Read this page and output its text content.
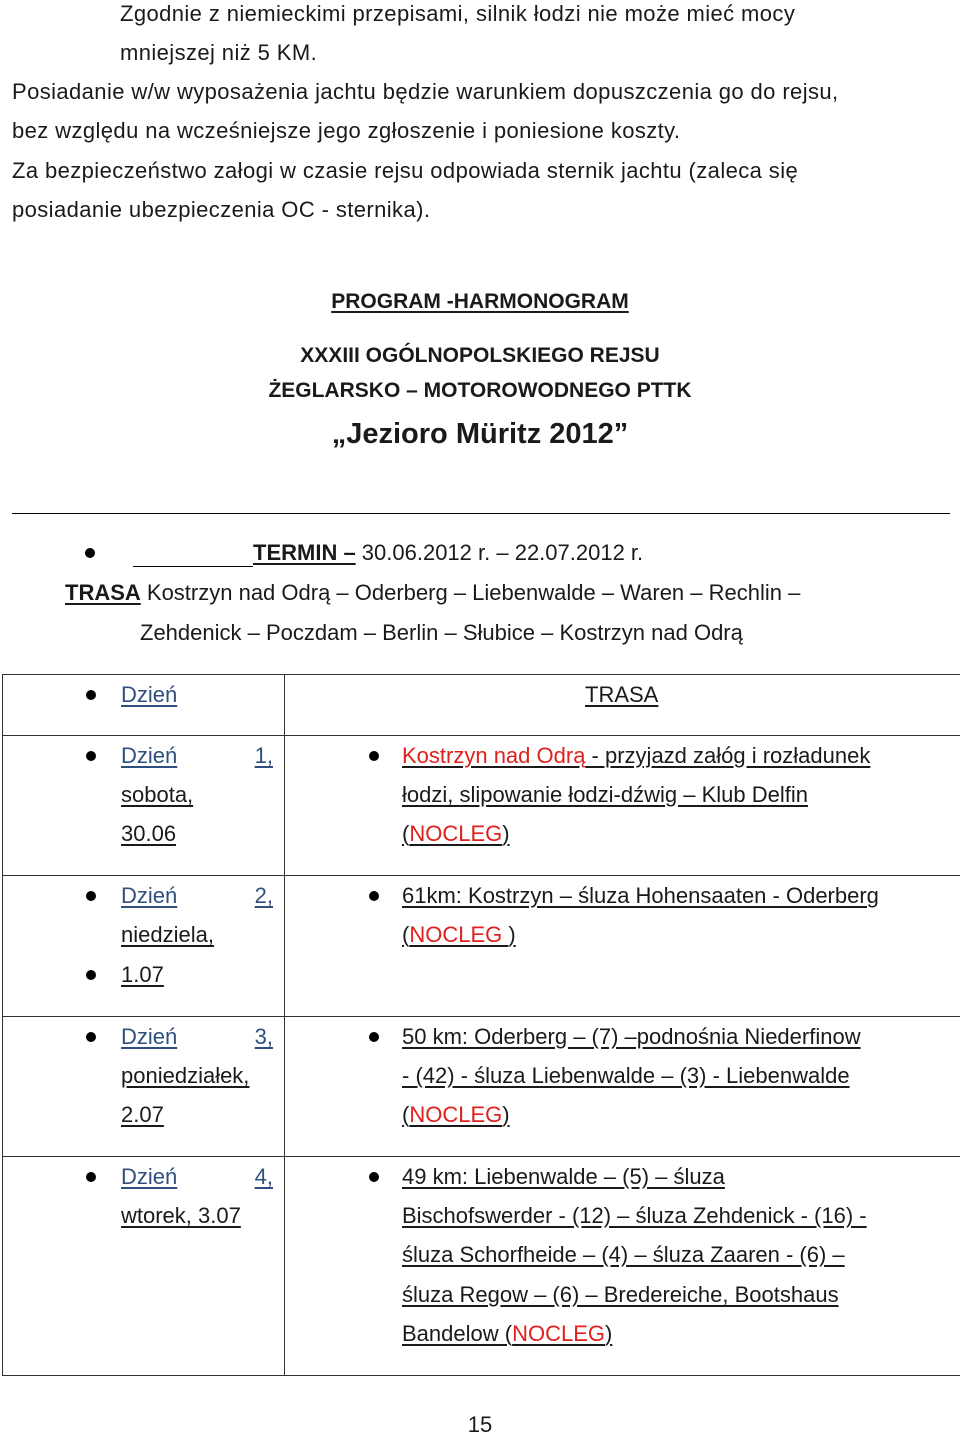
Zgodnie z niemieckimi przepisami, silnik łodzi nie może mieć mocy
mniejszej niż 5 KM.
Posiadanie w/w wyposażenia jachtu będzie warunkiem dopuszczenia go do rejsu,
bez względu na wcześniejsze jego zgłoszenie i poniesione koszty.
Za bezpieczeństwo załogi w czasie rejsu odpowiada sternik jachtu (zaleca się
posiadanie ubezpieczenia OC - sternika).
PROGRAM -HARMONOGRAM
XXXIII OGÓLNOPOLSKIEGO REJSU
ŻEGLARSKO – MOTOROWODNEGO PTTK
„Jezioro Müritz 2012”
TERMIN – 30.06.2012 r. – 22.07.2012 r.
TRASA Kostrzyn nad Odrą – Oderberg – Liebenwalde – Waren – Rechlin –
Zehdenick – Poczdam – Berlin – Słubice – Kostrzyn nad Odrą
Dzień	TRASA

Dzień 1,
sobota,
30.06	Kostrzyn nad Odrą - przyjazd załóg i rozładunek
łodzi, slipowanie łodzi-dźwig – Klub Delfin
(NOCLEG)

Dzień 2,
niedziela,
1.07	61km: Kostrzyn – śluza Hohensaaten - Oderberg
(NOCLEG )

Dzień 3,
poniedziałek,
2.07	50 km: Oderberg – (7) –podnośnia Niederfinow
- (42) - śluza Liebenwalde – (3) - Liebenwalde
(NOCLEG)

Dzień 4,
wtorek, 3.07	49 km: Liebenwalde – (5) – śluza
Bischofswerder - (12) – śluza Zehdenick - (16) -
śluza Schorfheide – (4) – śluza Zaaren - (6) –
śluza Regow – (6) – Bredereiche, Bootshaus
Bandelow (NOCLEG)
15
